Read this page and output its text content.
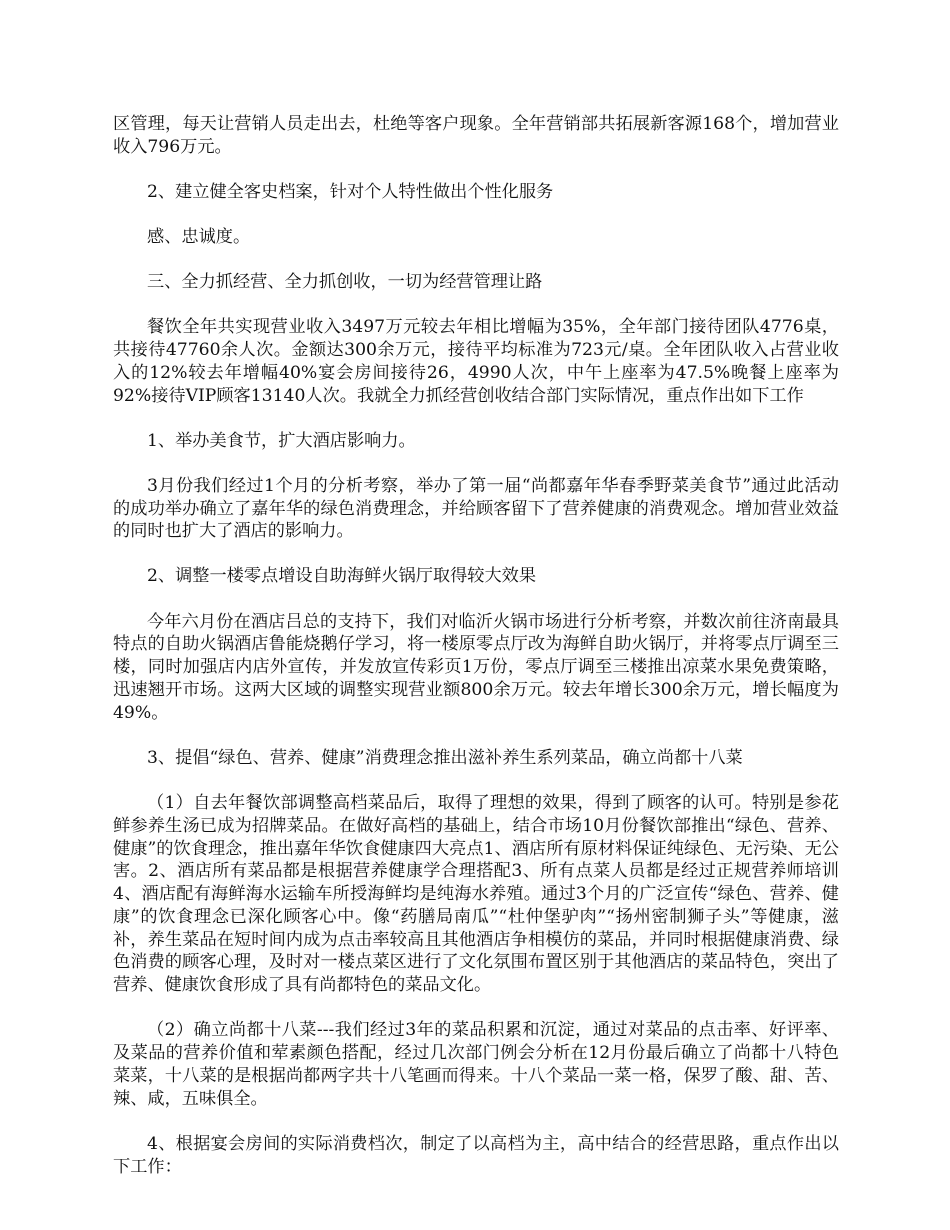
区管理，每天让营销人员走出去，杜绝等客户现象。全年营销部共拓展新客源168个，增加营业收入796万元。

2、建立健全客史档案，针对个人特性做出个性化服务

感、忠诚度。

三、全力抓经营、全力抓创收，一切为经营管理让路

餐饮全年共实现营业收入3497万元较去年相比增幅为35%，全年部门接待团队4776桌，共接待47760余人次。金额达300余万元，接待平均标准为723元/桌。全年团队收入占营业收入的12%较去年增幅40%宴会房间接待26，4990人次，中午上座率为47.5%晚餐上座率为92%接待VIP顾客13140人次。我就全力抓经营创收结合部门实际情况，重点作出如下工作

1、举办美食节，扩大酒店影响力。

3月份我们经过1个月的分析考察，举办了第一届“尚都嘉年华春季野菜美食节”通过此活动的成功举办确立了嘉年华的绿色消费理念，并给顾客留下了营养健康的消费观念。增加营业效益的同时也扩大了酒店的影响力。

2、调整一楼零点增设自助海鲜火锅厅取得较大效果

今年六月份在酒店吕总的支持下，我们对临沂火锅市场进行分析考察，并数次前往济南最具特点的自助火锅酒店鲁能烧鹅仔学习，将一楼原零点厅改为海鲜自助火锅厅，并将零点厅调至三楼，同时加强店内店外宣传，并发放宣传彩页1万份，零点厅调至三楼推出凉菜水果免费策略，迅速翘开市场。这两大区域的调整实现营业额800余万元。较去年增长300余万元，增长幅度为49%。

3、提倡“绿色、营养、健康”消费理念推出滋补养生系列菜品，确立尚都十八菜

（1）自去年餐饮部调整高档菜品后，取得了理想的效果，得到了顾客的认可。特别是参花鲜参养生汤已成为招牌菜品。在做好高档的基础上，结合市场10月份餐饮部推出“绿色、营养、健康”的饮食理念，推出嘉年华饮食健康四大亮点1、酒店所有原材料保证纯绿色、无污染、无公害。2、酒店所有菜品都是根据营养健康学合理搭配3、所有点菜人员都是经过正规营养师培训4、酒店配有海鲜海水运输车所授海鲜均是纯海水养殖。通过3个月的广泛宣传“绿色、营养、健康”的饮食理念已深化顾客心中。像“药膳局南瓜”“杜仲堡驴肉”“扬州密制狮子头”等健康，滋补，养生菜品在短时间内成为点击率较高且其他酒店争相模仿的菜品，并同时根据健康消费、绿色消费的顾客心理，及时对一楼点菜区进行了文化氛围布置区别于其他酒店的菜品特色，突出了营养、健康饮食形成了具有尚都特色的菜品文化。

（2）确立尚都十八菜---我们经过3年的菜品积累和沉淀，通过对菜品的点击率、好评率、及菜品的营养价值和荤素颜色搭配，经过几次部门例会分析在12月份最后确立了尚都十八特色菜菜，十八菜的是根据尚都两字共十八笔画而得来。十八个菜品一菜一格，保罗了酸、甜、苦、辣、咸，五味俱全。

4、根据宴会房间的实际消费档次，制定了以高档为主，高中结合的经营思路，重点作出以下工作：
